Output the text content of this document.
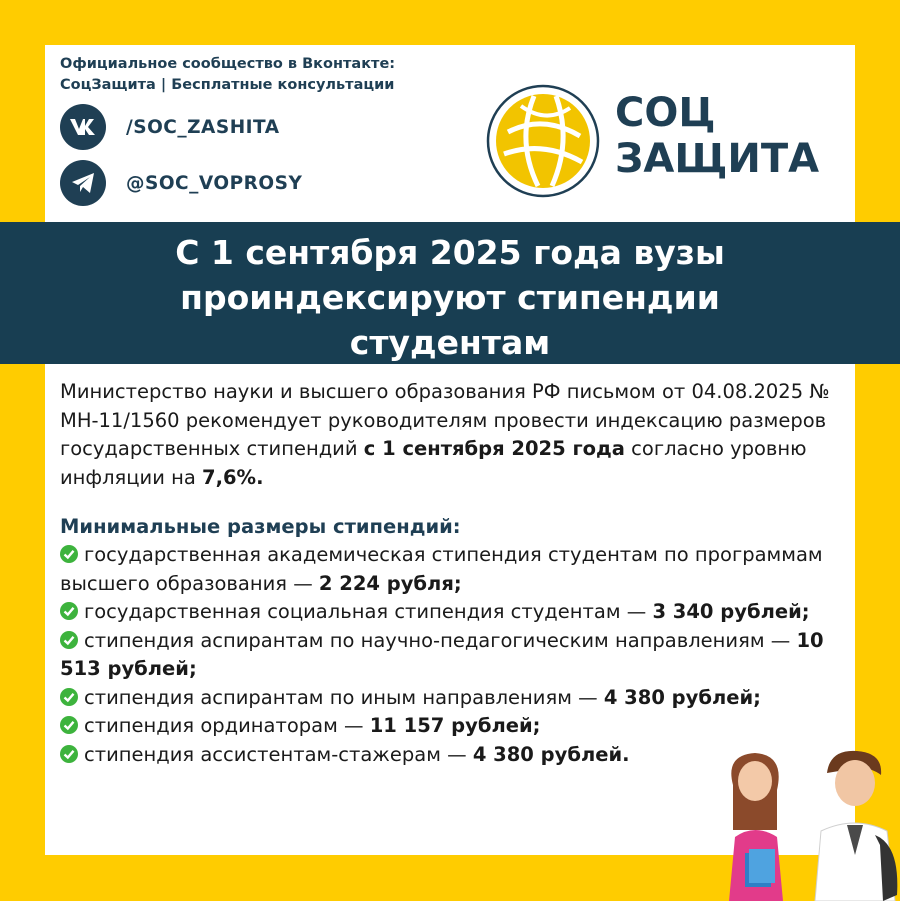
Официальное сообщество в Вконтакте:
СоцЗащита | Бесплатные консультации
/SOC_ZASHITA
@SOC_VOPROSY
СОЦ
ЗАЩИТА
С 1 сентября 2025 года вузы
проиндексируют стипендии
студентам

Министерство науки и высшего образования РФ письмом от 04.08.2025 № МН-11/1560 рекомендует руководителям провести индексацию размеров государственных стипендий с 1 сентября 2025 года согласно уровню инфляции на 7,6%.

Минимальные размеры стипендий:
государственная академическая стипендия студентам по программам высшего образования — 2 224 рубля;
государственная социальная стипендия студентам — 3 340 рублей;
стипендия аспирантам по научно-педагогическим направлениям — 10 513 рублей;
стипендия аспирантам по иным направлениям — 4 380 рублей;
стипендия ординаторам — 11 157 рублей;
стипендия ассистентам-стажерам — 4 380 рублей.
